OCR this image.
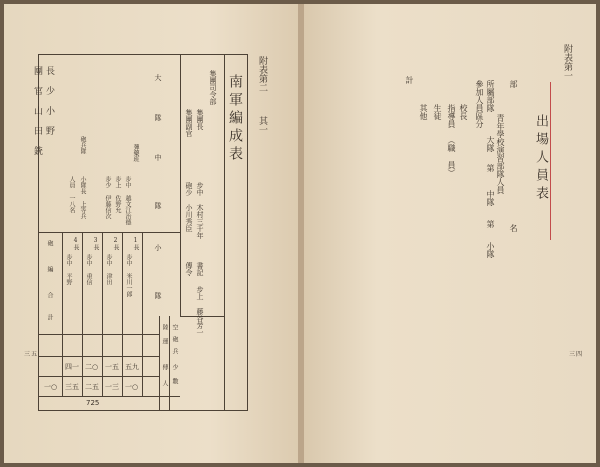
附表第二
其一
南軍編成表
集團司令部
集團長
集團副官
步中 木村三千年
砲少 小川秀臣
書記
傳令
步上 藤谷芳一
空
砲
兵
少
數
陸
運
傳
人
大
隊
中
隊
小
隊
1長
步中 米川一郎
2長
步中 津田
3長
步中 重信
4長
步中 平野
彈藥班
步中 越文江治德
步上 佐野允
步少 伊藤信次
砲兵隊
人員 一八名 小隊長 上等兵
長
少
小
野
團
官
山
田
銃
砲
編
合
計
五九
一○
一五
一三
二○
二五
四一
三五
一○
725
三五
附表第一
出場人員表
部
名
青年學校演習部隊人員
所屬部隊
參加人員區分
大隊
第
中隊
第
小隊
校長
指導員
（職 員）
生徒
其他
計
三四
